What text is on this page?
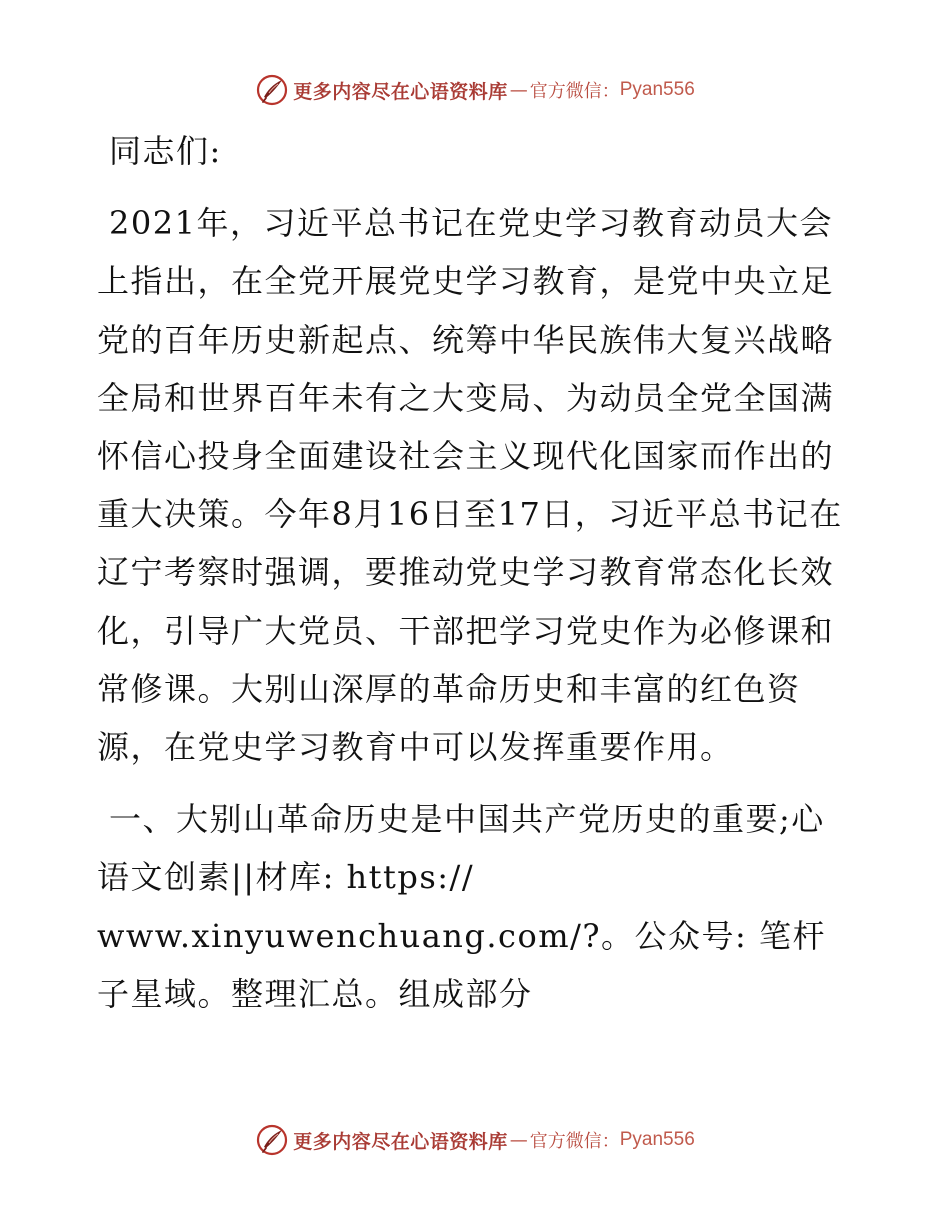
更多内容尽在心语资料库 — 官方微信： Pyan556

同志们:

2021年，习近平总书记在党史学习教育动员大会上指出，在全党开展党史学习教育，是党中央立足党的百年历史新起点、统筹中华民族伟大复兴战略全局和世界百年未有之大变局、为动员全党全国满怀信心投身全面建设社会主义现代化国家而作出的重大决策。今年8月16日至17日，习近平总书记在辽宁考察时强调，要推动党史学习教育常态化长效化，引导广大党员、干部把学习党史作为必修课和常修课。大别山深厚的革命历史和丰富的红色资源，在党史学习教育中可以发挥重要作用。

一、大别山革命历史是中国共产党历史的重要;心语文创素||材库: https://

www.xinyuwenchuang.com/?。公众号: 笔杆子星域。整理汇总。组成部分

更多内容尽在心语资料库 — 官方微信： Pyan556
